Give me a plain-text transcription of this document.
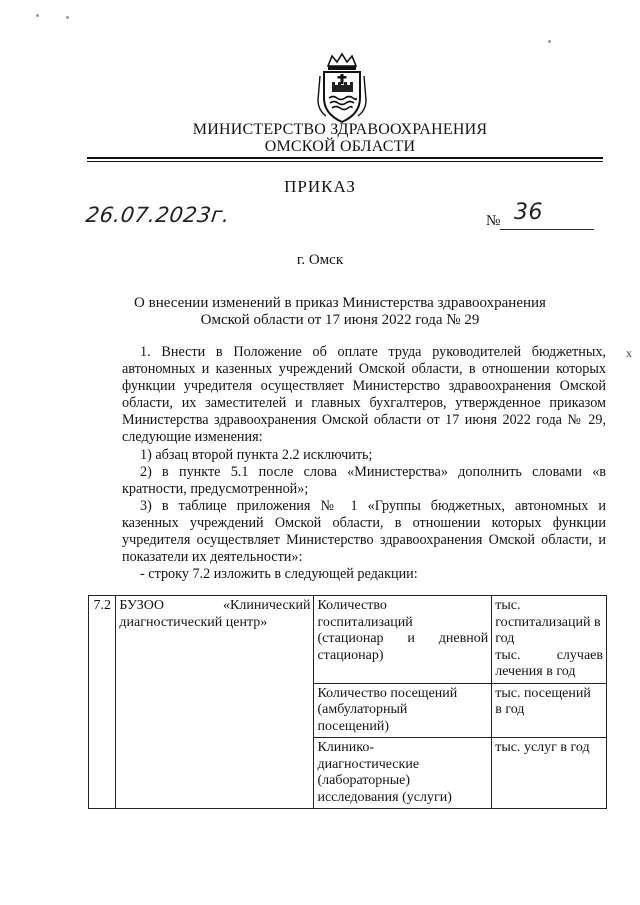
МИНИСТЕРСТВО ЗДРАВООХРАНЕНИЯ
ОМСКОЙ ОБЛАСТИ
ПРИКАЗ
26.07.2023г.	№ 36
г. Омск
О внесении изменений в приказ Министерства здравоохранения
Омской области от 17 июня 2022 года № 29
x
1. Внести в Положение об оплате труда руководителей бюджетных,
автономных и казенных учреждений Омской области, в отношении которых
функции учредителя осуществляет Министерство здравоохранения Омской
области, их заместителей и главных бухгалтеров, утвержденное приказом
Министерства здравоохранения Омской области от 17 июня 2022 года № 29,
следующие изменения:
1) абзац второй пункта 2.2 исключить;
2) в пункте 5.1 после слова «Министерства» дополнить словами «в
кратности, предусмотренной»;
3) в таблице приложения № 1 «Группы бюджетных, автономных и
казенных учреждений Омской области, в отношении которых функции
учредителя осуществляет Министерство здравоохранения Омской области, и
показатели их деятельности»:
- строку 7.2 изложить в следующей редакции:
7.2	БУЗОО «Клинический
диагностический центр»	Количество
госпитализаций
(стационар и дневной
стационар)	тыс.
госпитализаций в
год
тыс. случаев
лечения в год

		Количество посещений
(амбулаторный
посещений)	тыс. посещений
в год

		Клинико-
диагностические
(лабораторные)
исследования (услуги)	тыс. услуг в год
